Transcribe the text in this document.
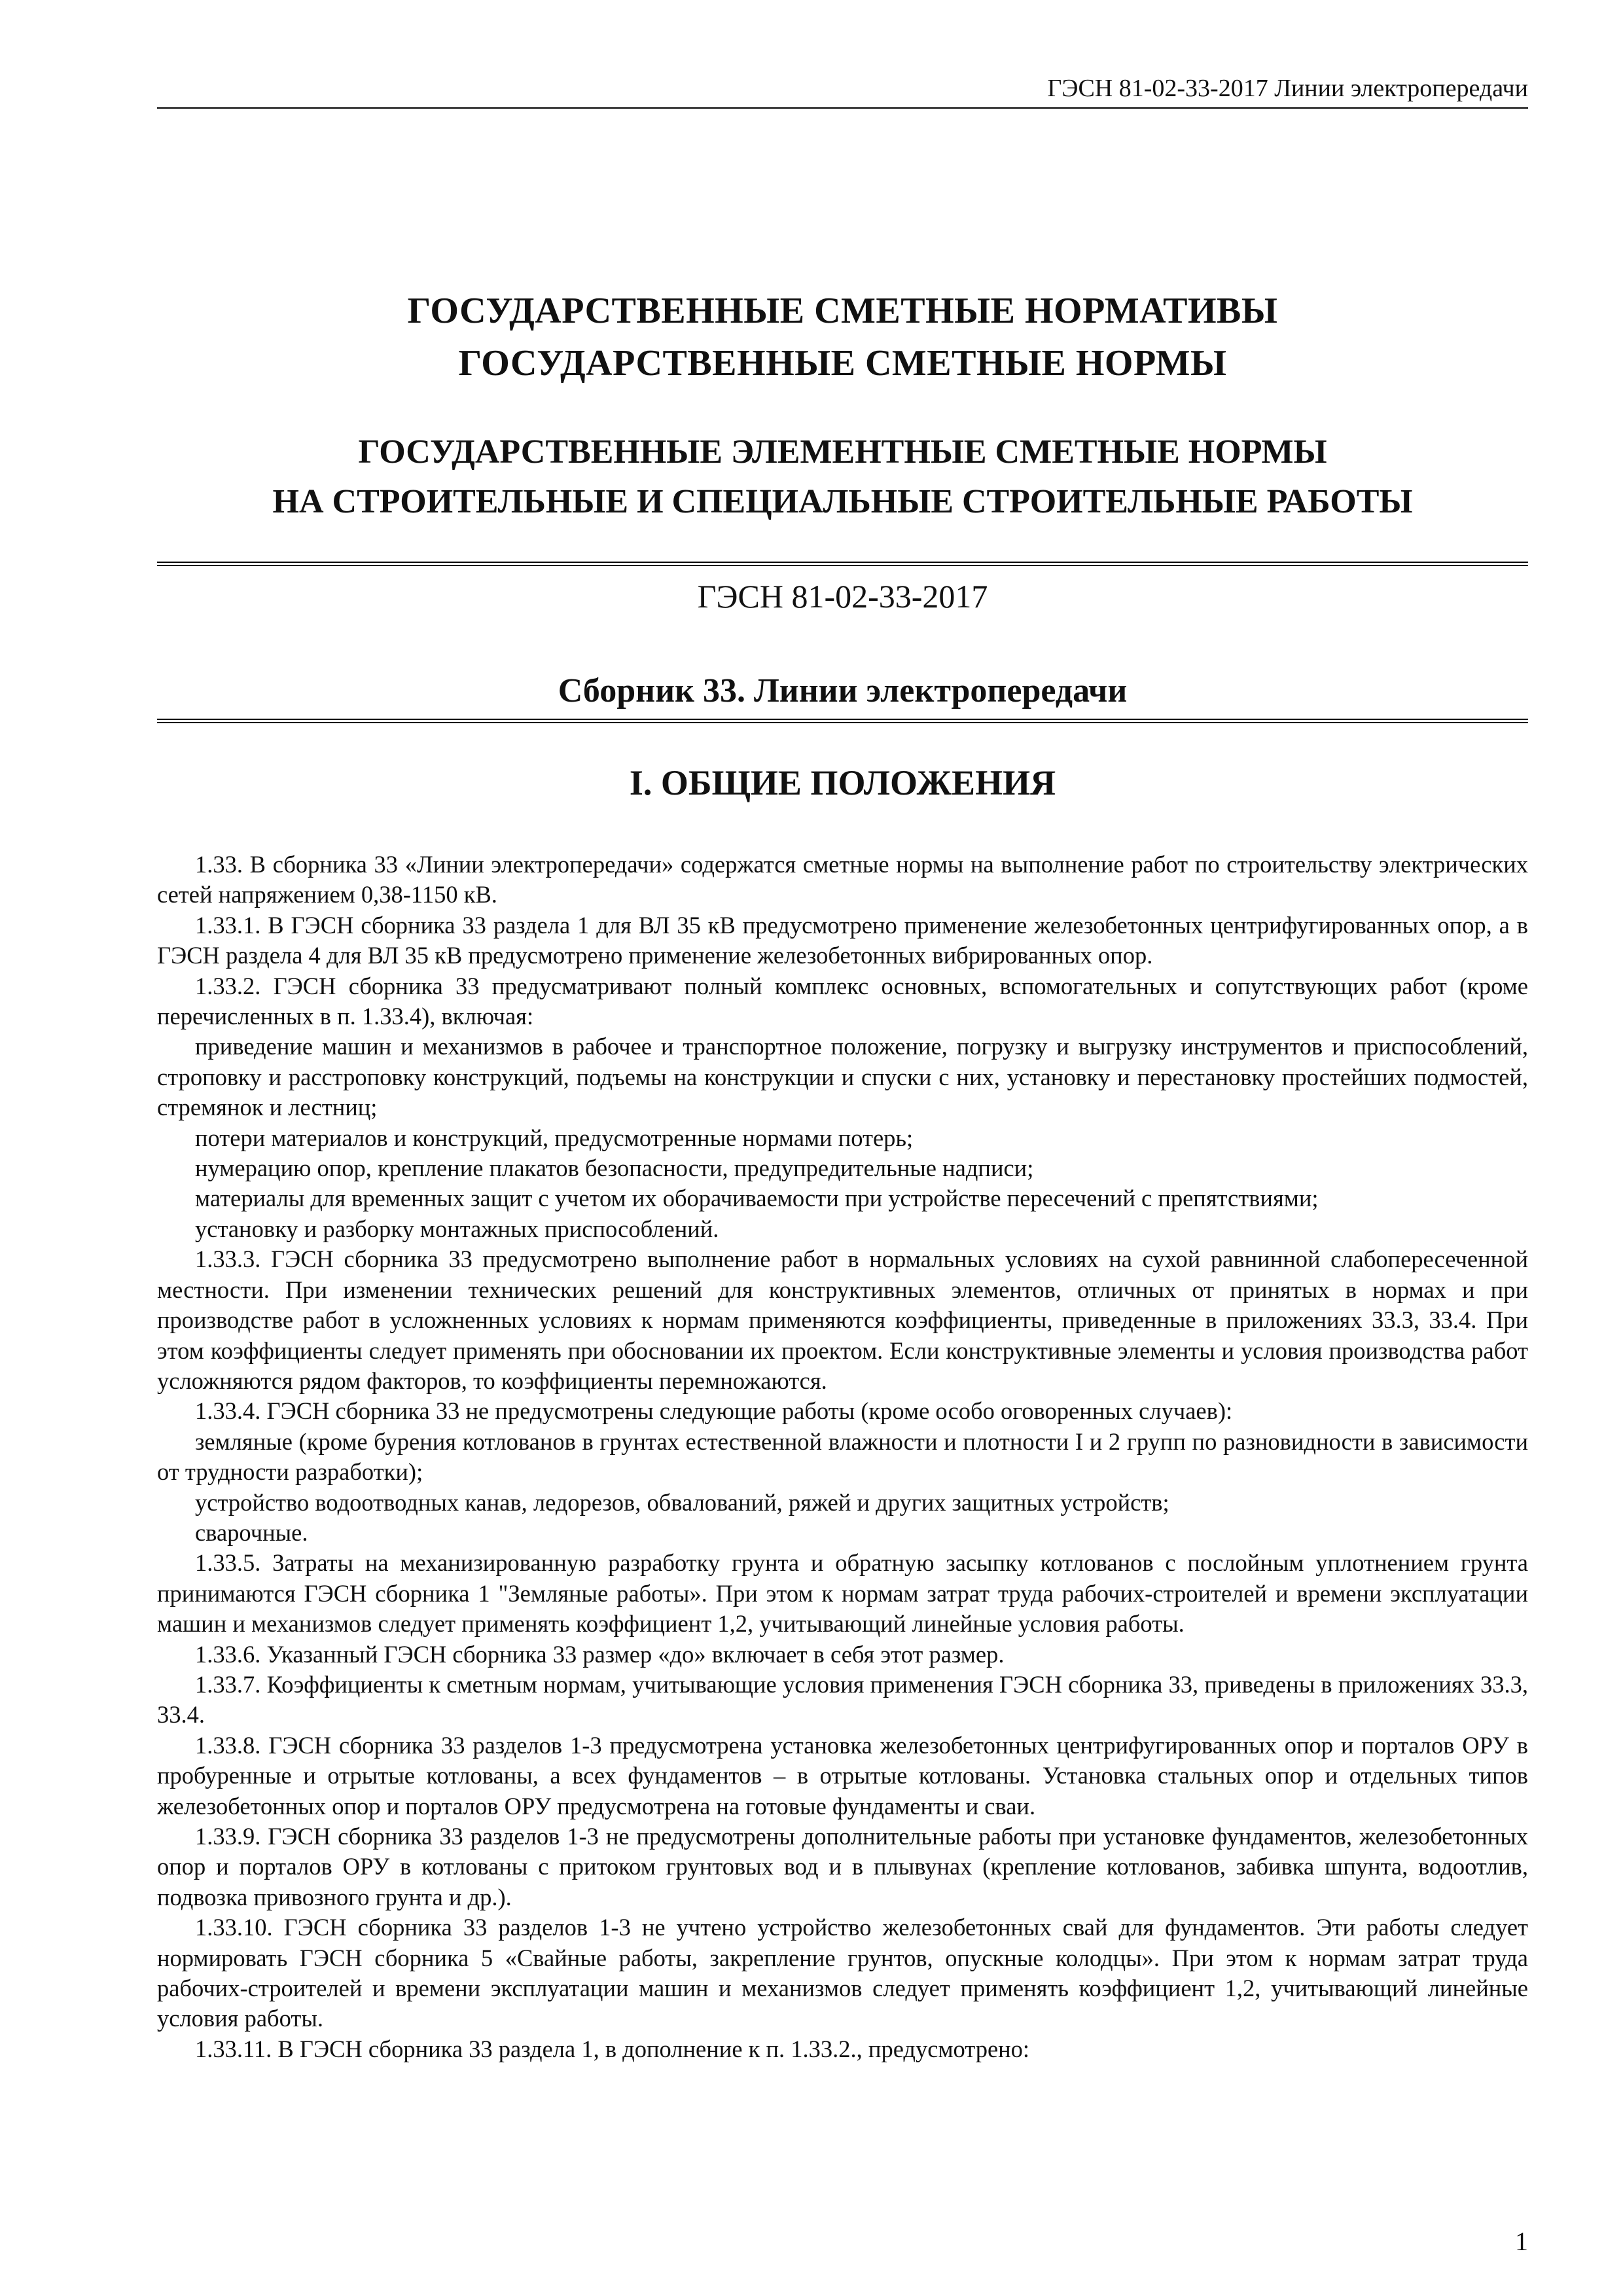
ГЭСН 81-02-33-2017 Линии электропередачи
ГОСУДАРСТВЕННЫЕ СМЕТНЫЕ НОРМАТИВЫ
ГОСУДАРСТВЕННЫЕ СМЕТНЫЕ НОРМЫ
ГОСУДАРСТВЕННЫЕ ЭЛЕМЕНТНЫЕ СМЕТНЫЕ НОРМЫ
НА СТРОИТЕЛЬНЫЕ И СПЕЦИАЛЬНЫЕ СТРОИТЕЛЬНЫЕ РАБОТЫ
ГЭСН 81-02-33-2017
Сборник 33. Линии электропередачи
I. ОБЩИЕ ПОЛОЖЕНИЯ

1.33. В сборника 33 «Линии электропередачи» содержатся сметные нормы на выполнение работ по строительству электрических сетей напряжением 0,38-1150 кВ.

1.33.1. В ГЭСН сборника 33 раздела 1 для ВЛ 35 кВ предусмотрено применение железобетонных центрифугированных опор, а в ГЭСН раздела 4 для ВЛ 35 кВ предусмотрено применение железобетонных вибрированных опор.

1.33.2. ГЭСН сборника 33 предусматривают полный комплекс основных, вспомогательных и сопутствующих работ (кроме перечисленных в п. 1.33.4), включая:

приведение машин и механизмов в рабочее и транспортное положение, погрузку и выгрузку инструментов и приспособлений, строповку и расстроповку конструкций, подъемы на конструкции и спуски с них, установку и перестановку простейших подмостей, стремянок и лестниц;

потери материалов и конструкций, предусмотренные нормами потерь;

нумерацию опор, крепление плакатов безопасности, предупредительные надписи;

материалы для временных защит с учетом их оборачиваемости при устройстве пересечений с препятствиями;

установку и разборку монтажных приспособлений.

1.33.3. ГЭСН сборника 33 предусмотрено выполнение работ в нормальных условиях на сухой равнинной слабопересеченной местности. При изменении технических решений для конструктивных элементов, отличных от принятых в нормах и при производстве работ в усложненных условиях к нормам применяются коэффициенты, приведенные в приложениях 33.3, 33.4. При этом коэффициенты следует применять при обосновании их проектом. Если конструктивные элементы и условия производства работ усложняются рядом факторов, то коэффициенты перемножаются.

1.33.4. ГЭСН сборника 33 не предусмотрены следующие работы (кроме особо оговоренных случаев):

земляные (кроме бурения котлованов в грунтах естественной влажности и плотности I и 2 групп по разновидности в зависимости от трудности разработки);

устройство водоотводных канав, ледорезов, обвалований, ряжей и других защитных устройств;

сварочные.

1.33.5. Затраты на механизированную разработку грунта и обратную засыпку котлованов с послойным уплотнением грунта принимаются ГЭСН сборника 1 "Земляные работы». При этом к нормам затрат труда рабочих-строителей и времени эксплуатации машин и механизмов следует применять коэффициент 1,2, учитывающий линейные условия работы.

1.33.6. Указанный ГЭСН сборника 33 размер «до» включает в себя этот размер.

1.33.7. Коэффициенты к сметным нормам, учитывающие условия применения ГЭСН сборника 33, приведены в приложениях 33.3, 33.4.

1.33.8. ГЭСН сборника 33 разделов 1-3 предусмотрена установка железобетонных центрифугированных опор и порталов ОРУ в пробуренные и отрытые котлованы, а всех фундаментов – в отрытые котлованы. Установка стальных опор и отдельных типов железобетонных опор и порталов ОРУ предусмотрена на готовые фундаменты и сваи.

1.33.9. ГЭСН сборника 33 разделов 1-3 не предусмотрены дополнительные работы при установке фундаментов, железобетонных опор и порталов ОРУ в котлованы с притоком грунтовых вод и в плывунах (крепление котлованов, забивка шпунта, водоотлив, подвозка привозного грунта и др.).

1.33.10. ГЭСН сборника 33 разделов 1-3 не учтено устройство железобетонных свай для фундаментов. Эти работы следует нормировать ГЭСН сборника 5 «Свайные работы, закрепление грунтов, опускные колодцы». При этом к нормам затрат труда рабочих-строителей и времени эксплуатации машин и механизмов следует применять коэффициент 1,2, учитывающий линейные условия работы.

1.33.11. В ГЭСН сборника 33 раздела 1, в дополнение к п. 1.33.2., предусмотрено:

1
